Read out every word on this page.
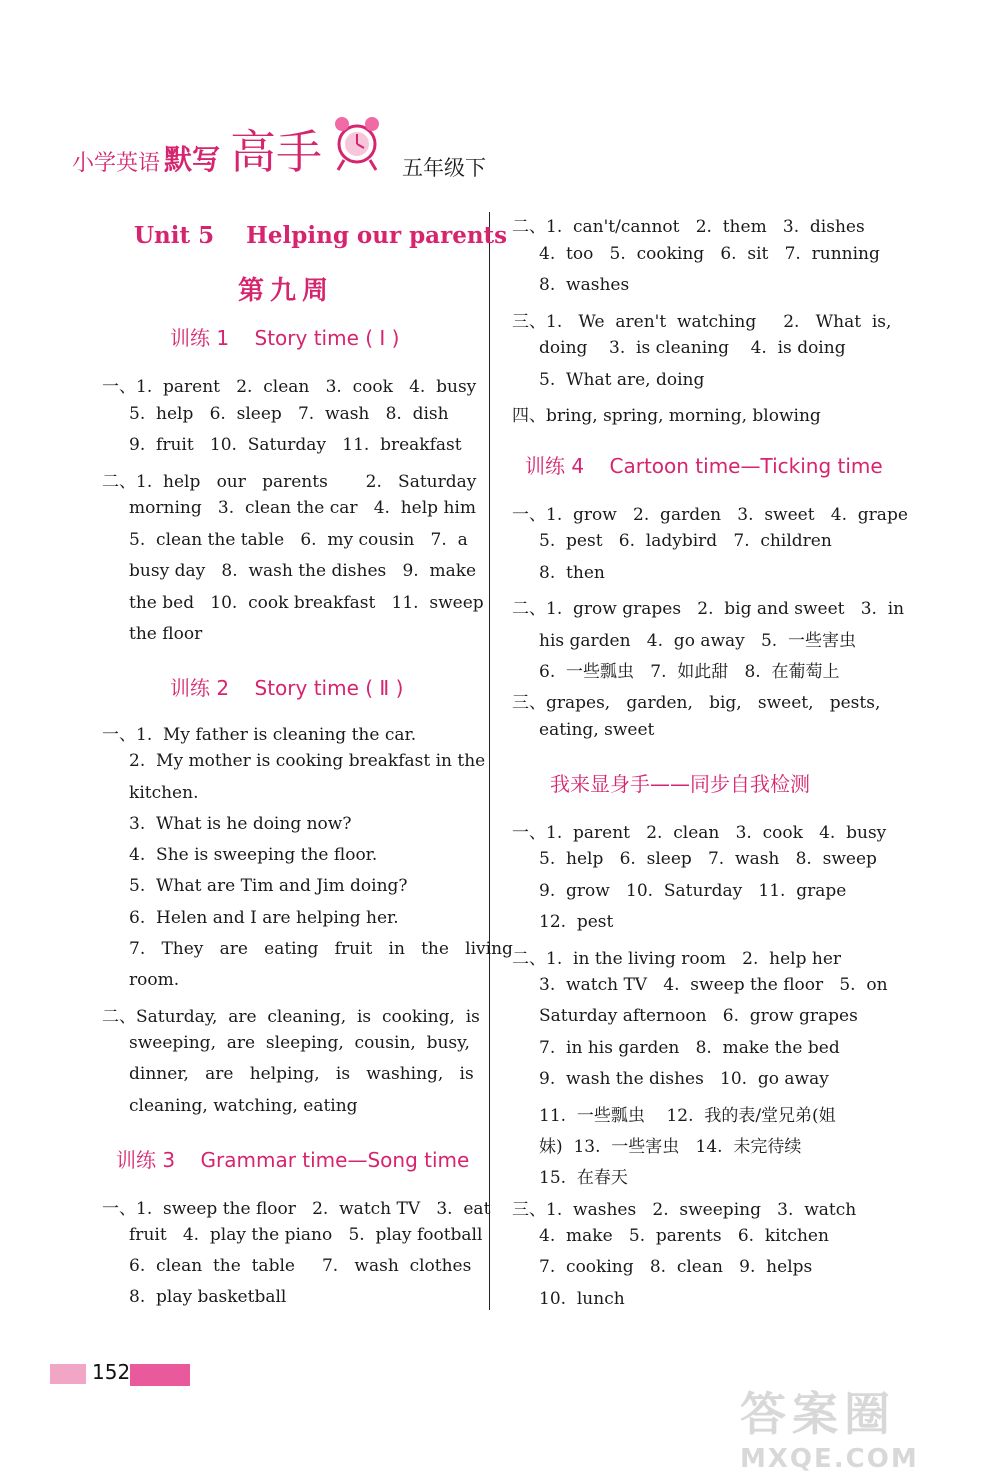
小学英语 默写 高手	五年级下
Unit 5    Helping our parents
第九周
训练 1    Story time ( Ⅰ )
一、1.  parent   2.  clean   3.  cook   4.  busy
5.  help   6.  sleep   7.  wash   8.  dish
9.  fruit   10.  Saturday   11.  breakfast
二、1.  help   our   parents       2.   Saturday
morning   3.  clean the car   4.  help him
5.  clean the table   6.  my cousin   7.  a
busy day   8.  wash the dishes   9.  make
the bed   10.  cook breakfast   11.  sweep
the floor
训练 2    Story time ( Ⅱ )
一、1.  My father is cleaning the car.
2.  My mother is cooking breakfast in the
kitchen.
3.  What is he doing now?
4.  She is sweeping the floor.
5.  What are Tim and Jim doing?
6.  Helen and I are helping her.
7.   They   are   eating   fruit   in   the   living
room.
二、Saturday,  are  cleaning,  is  cooking,  is
sweeping,  are  sleeping,  cousin,  busy,
dinner,   are   helping,   is   washing,   is
cleaning, watching, eating
训练 3    Grammar time—Song time
一、1.  sweep the floor   2.  watch TV   3.  eat
fruit   4.  play the piano   5.  play football
6.  clean  the  table     7.   wash  clothes
8.  play basketball
二、1.  can't/cannot   2.  them   3.  dishes
4.  too   5.  cooking   6.  sit   7.  running
8.  washes
三、1.   We  aren't  watching     2.   What  is,
doing    3.  is cleaning    4.  is doing
5.  What are, doing
四、bring, spring, morning, blowing
训练 4    Cartoon time—Ticking time
一、1.  grow   2.  garden   3.  sweet   4.  grape
5.  pest   6.  ladybird   7.  children
8.  then
二、1.  grow grapes   2.  big and sweet   3.  in
his garden   4.  go away   5.  一些害虫
6.  一些瓢虫   7.  如此甜   8.  在葡萄上
三、grapes,   garden,   big,   sweet,   pests,
eating, sweet
我来显身手——同步自我检测
一、1.  parent   2.  clean   3.  cook   4.  busy
5.  help   6.  sleep   7.  wash   8.  sweep
9.  grow   10.  Saturday   11.  grape
12.  pest
二、1.  in the living room   2.  help her
3.  watch TV   4.  sweep the floor   5.  on
Saturday afternoon   6.  grow grapes
7.  in his garden   8.  make the bed
9.  wash the dishes   10.  go away
11.  一些瓢虫    12.  我的表/堂兄弟(姐
妹)  13.  一些害虫   14.  未完待续
15.  在春天
三、1.  washes   2.  sweeping   3.  watch
4.  make   5.  parents   6.  kitchen
7.  cooking   8.  clean   9.  helps
10.  lunch
152
答案圈
MXQE.COM
